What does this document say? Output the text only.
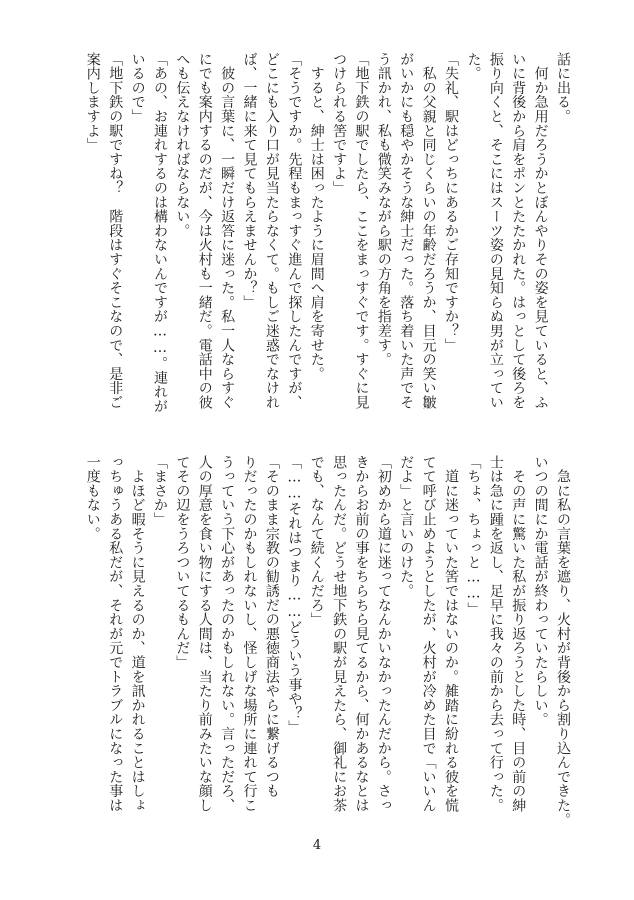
話に出る。
　何か急用だろうかとぼんやりその姿を見ていると、ふ
いに背後から肩をポンとたたかれた。はっとして後ろを
振り向くと、そこにはスーツ姿の見知らぬ男が立ってい
た。
「失礼、駅はどっちにあるかご存知ですか？」
　私の父親と同じくらいの年齢だろうか、目元の笑い皺
がいかにも穏やかそうな紳士だった。落ち着いた声でそ
う訊かれ、私も微笑みながら駅の方角を指差す。
「地下鉄の駅でしたら、ここをまっすぐです。すぐに見
つけられる筈ですよ」
　すると、紳士は困ったように眉間へ肩を寄せた。
「そうですか。先程もまっすぐ進んで探したんですが、
どこにも入り口が見当たらなくて。もしご迷惑でなけれ
ば、一緒に来て見てもらえませんか？」
　彼の言葉に、一瞬だけ返答に迷った。私一人ならすぐ
にでも案内するのだが、今は火村も一緒だ。電話中の彼
へも伝えなければならない。
「あの、お連れするのは構わないんですが……。連れが
いるので」
「地下鉄の駅ですね？　階段はすぐそこなので、是非ご
案内しますよ」
　急に私の言葉を遮り、火村が背後から割り込んできた。
いつの間にか電話が終わっていたらしい。
　その声に驚いた私が振り返ろうとした時、目の前の紳
士は急に踵を返し、足早に我々の前から去って行った。
「ちょ、ちょっと……」
　道に迷っていた筈ではないのか。雑踏に紛れる彼を慌
てて呼び止めようとしたが、火村が冷めた目で「いいん
だよ」と言いのけた。
「初めから道に迷ってなんかいなかったんだから。さっ
きからお前の事をちらちら見てるから、何かあるなとは
思ったんだ。どうせ地下鉄の駅が見えたら、御礼にお茶
でも、なんて続くんだろ」
「……それはつまり……どういう事や？」
「そのまま宗教の勧誘だの悪徳商法やらに繋げるつも
りだったのかもしれないし、怪しげな場所に連れて行こ
うっていう下心があったのかもしれない。言っただろ、
人の厚意を食い物にする人間は、当たり前みたいな顔し
てその辺をうろついてるもんだ」
「まさか」
　よほど暇そうに見えるのか、道を訊かれることはしょ
っちゅうある私だが、それが元でトラブルになった事は
一度もない。
4
